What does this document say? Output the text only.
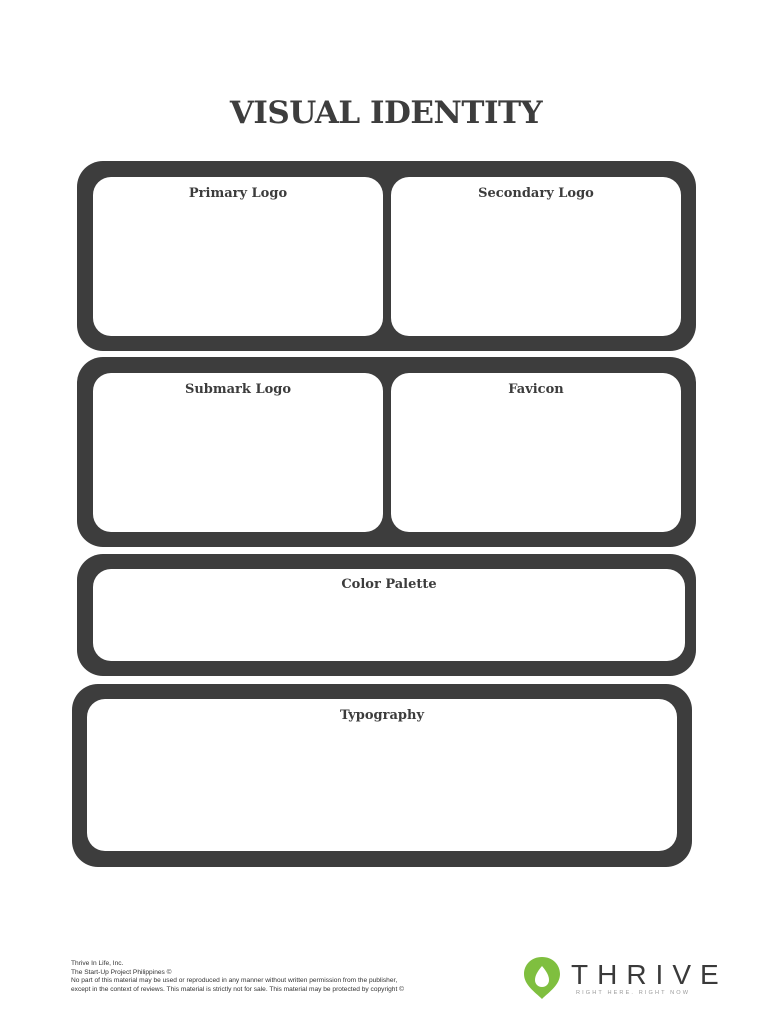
VISUAL IDENTITY
Primary Logo	Secondary Logo
Submark Logo	Favicon
Color Palette
Typography
Thrive In Life, Inc.
The Start-Up Project Philippines ©
No part of this material may be used or reproduced in any manner without written permission from the publisher,
except in the context of reviews. This material is strictly not for sale. This material may be protected by copyright ©	THRIVE
RIGHT HERE. RIGHT NOW
